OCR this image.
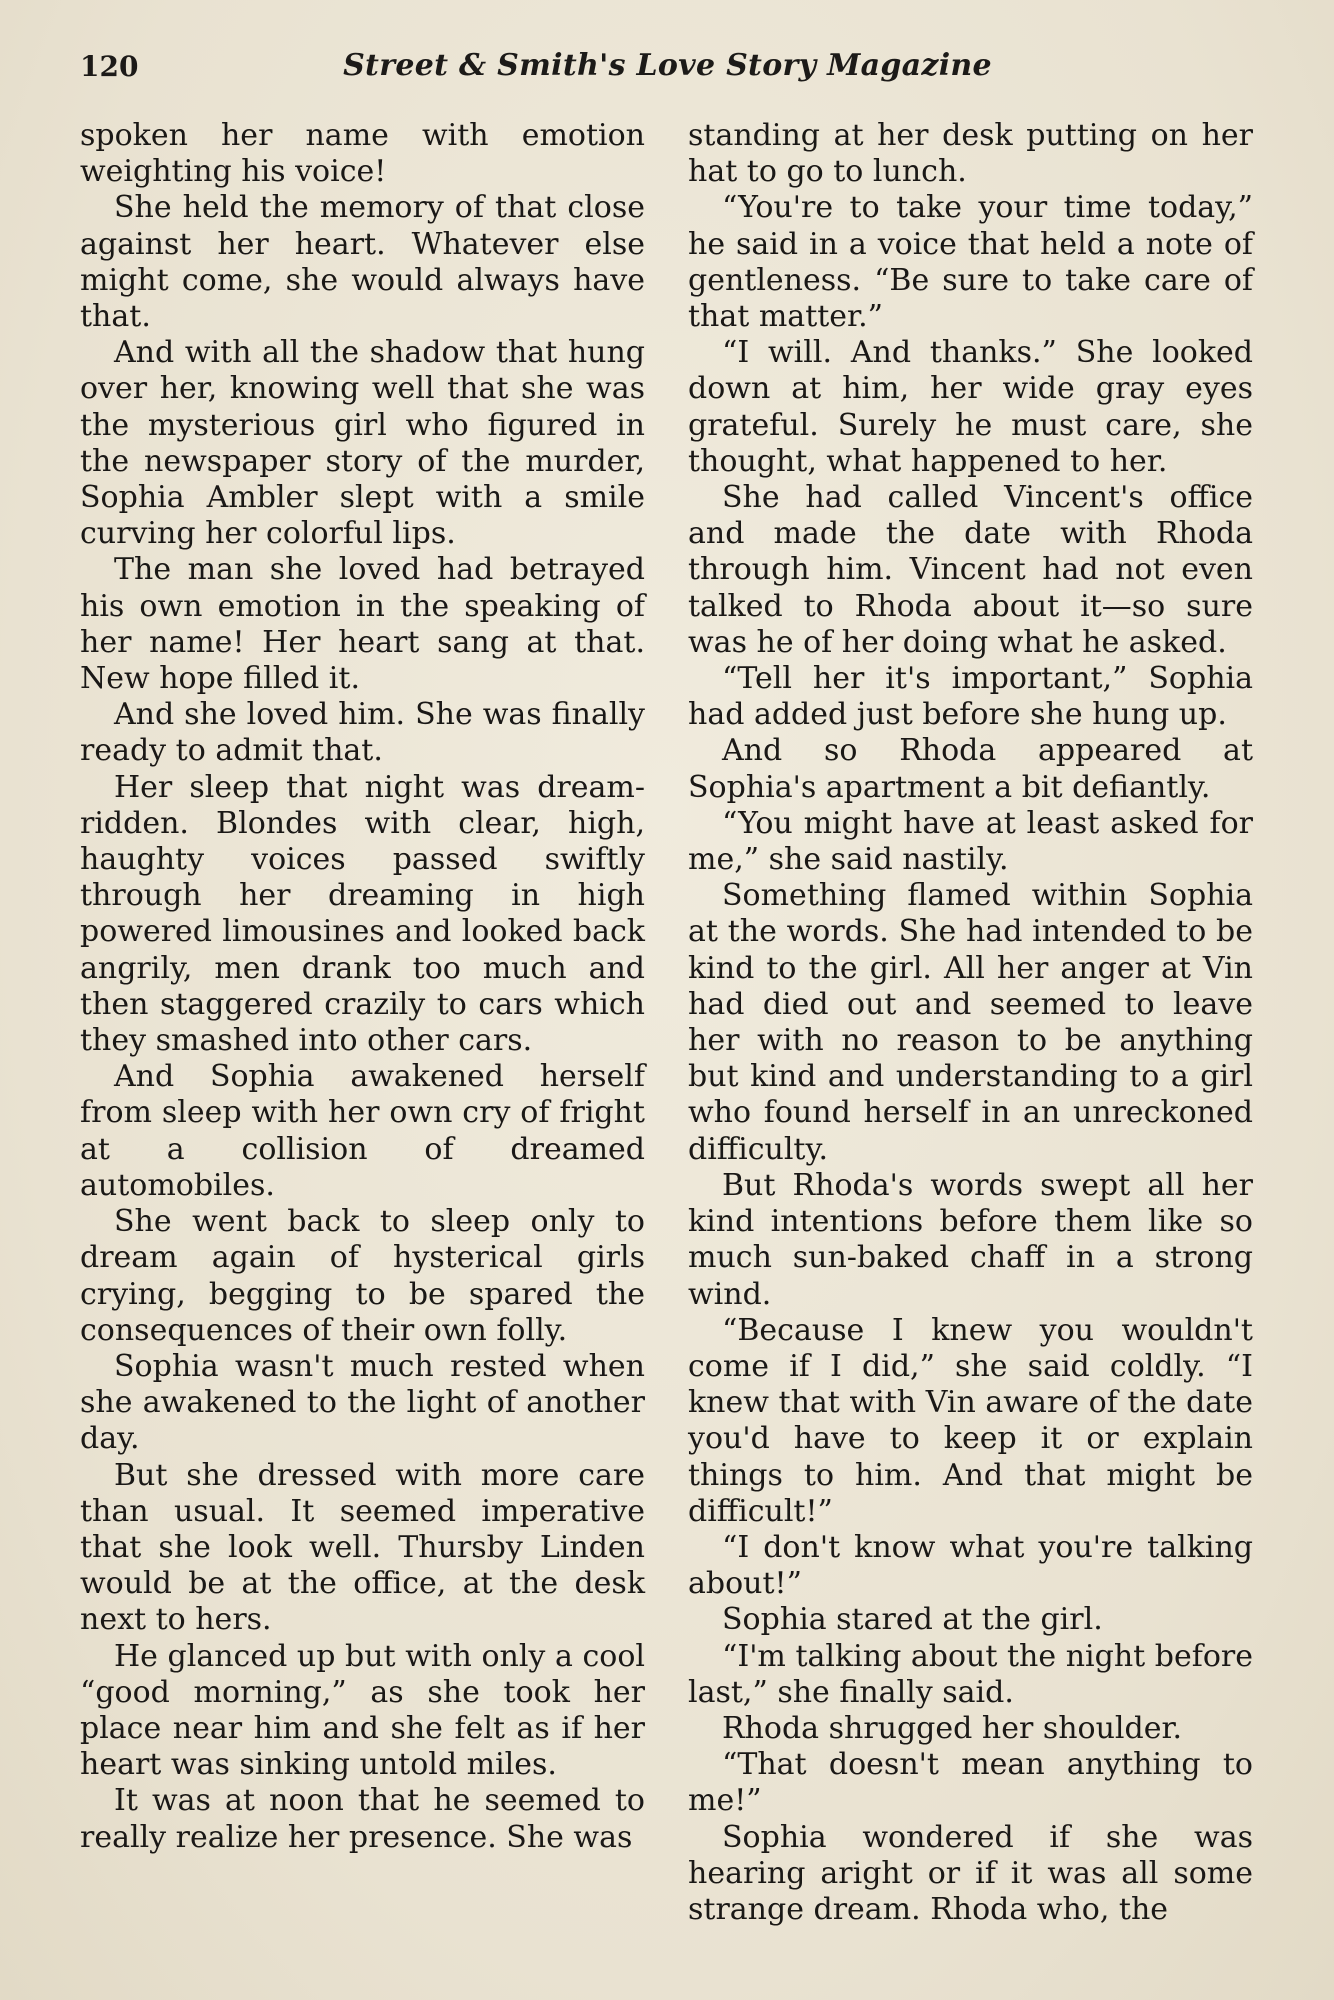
120	Street & Smith's Love Story Magazine

spoken her name with emotion weighting his voice!

She held the memory of that close against her heart. Whatever else might come, she would always have that.

And with all the shadow that hung over her, knowing well that she was the mysterious girl who figured in the newspaper story of the murder, Sophia Ambler slept with a smile curving her colorful lips.

The man she loved had betrayed his own emotion in the speaking of her name! Her heart sang at that. New hope filled it.

And she loved him. She was finally ready to admit that.

Her sleep that night was dream-ridden. Blondes with clear, high, haughty voices passed swiftly through her dreaming in high powered limousines and looked back angrily, men drank too much and then staggered crazily to cars which they smashed into other cars.

And Sophia awakened herself from sleep with her own cry of fright at a collision of dreamed automobiles.

She went back to sleep only to dream again of hysterical girls crying, begging to be spared the consequences of their own folly.

Sophia wasn't much rested when she awakened to the light of another day.

But she dressed with more care than usual. It seemed imperative that she look well. Thursby Linden would be at the office, at the desk next to hers.

He glanced up but with only a cool “good morning,” as she took her place near him and she felt as if her heart was sinking untold miles.

It was at noon that he seemed to really realize her presence. She was

standing at her desk putting on her hat to go to lunch.

“You're to take your time today,” he said in a voice that held a note of gentleness. “Be sure to take care of that matter.”

“I will. And thanks.” She looked down at him, her wide gray eyes grateful. Surely he must care, she thought, what happened to her.

She had called Vincent's office and made the date with Rhoda through him. Vincent had not even talked to Rhoda about it—so sure was he of her doing what he asked.

“Tell her it's important,” Sophia had added just before she hung up.

And so Rhoda appeared at Sophia's apartment a bit defiantly.

“You might have at least asked for me,” she said nastily.

Something flamed within Sophia at the words. She had intended to be kind to the girl. All her anger at Vin had died out and seemed to leave her with no reason to be anything but kind and understanding to a girl who found herself in an unreckoned difficulty.

But Rhoda's words swept all her kind intentions before them like so much sun-baked chaff in a strong wind.

“Because I knew you wouldn't come if I did,” she said coldly. “I knew that with Vin aware of the date you'd have to keep it or explain things to him. And that might be difficult!”

“I don't know what you're talking about!”

Sophia stared at the girl.

“I'm talking about the night before last,” she finally said.

Rhoda shrugged her shoulder.

“That doesn't mean anything to me!”

Sophia wondered if she was hearing aright or if it was all some strange dream. Rhoda who, the
